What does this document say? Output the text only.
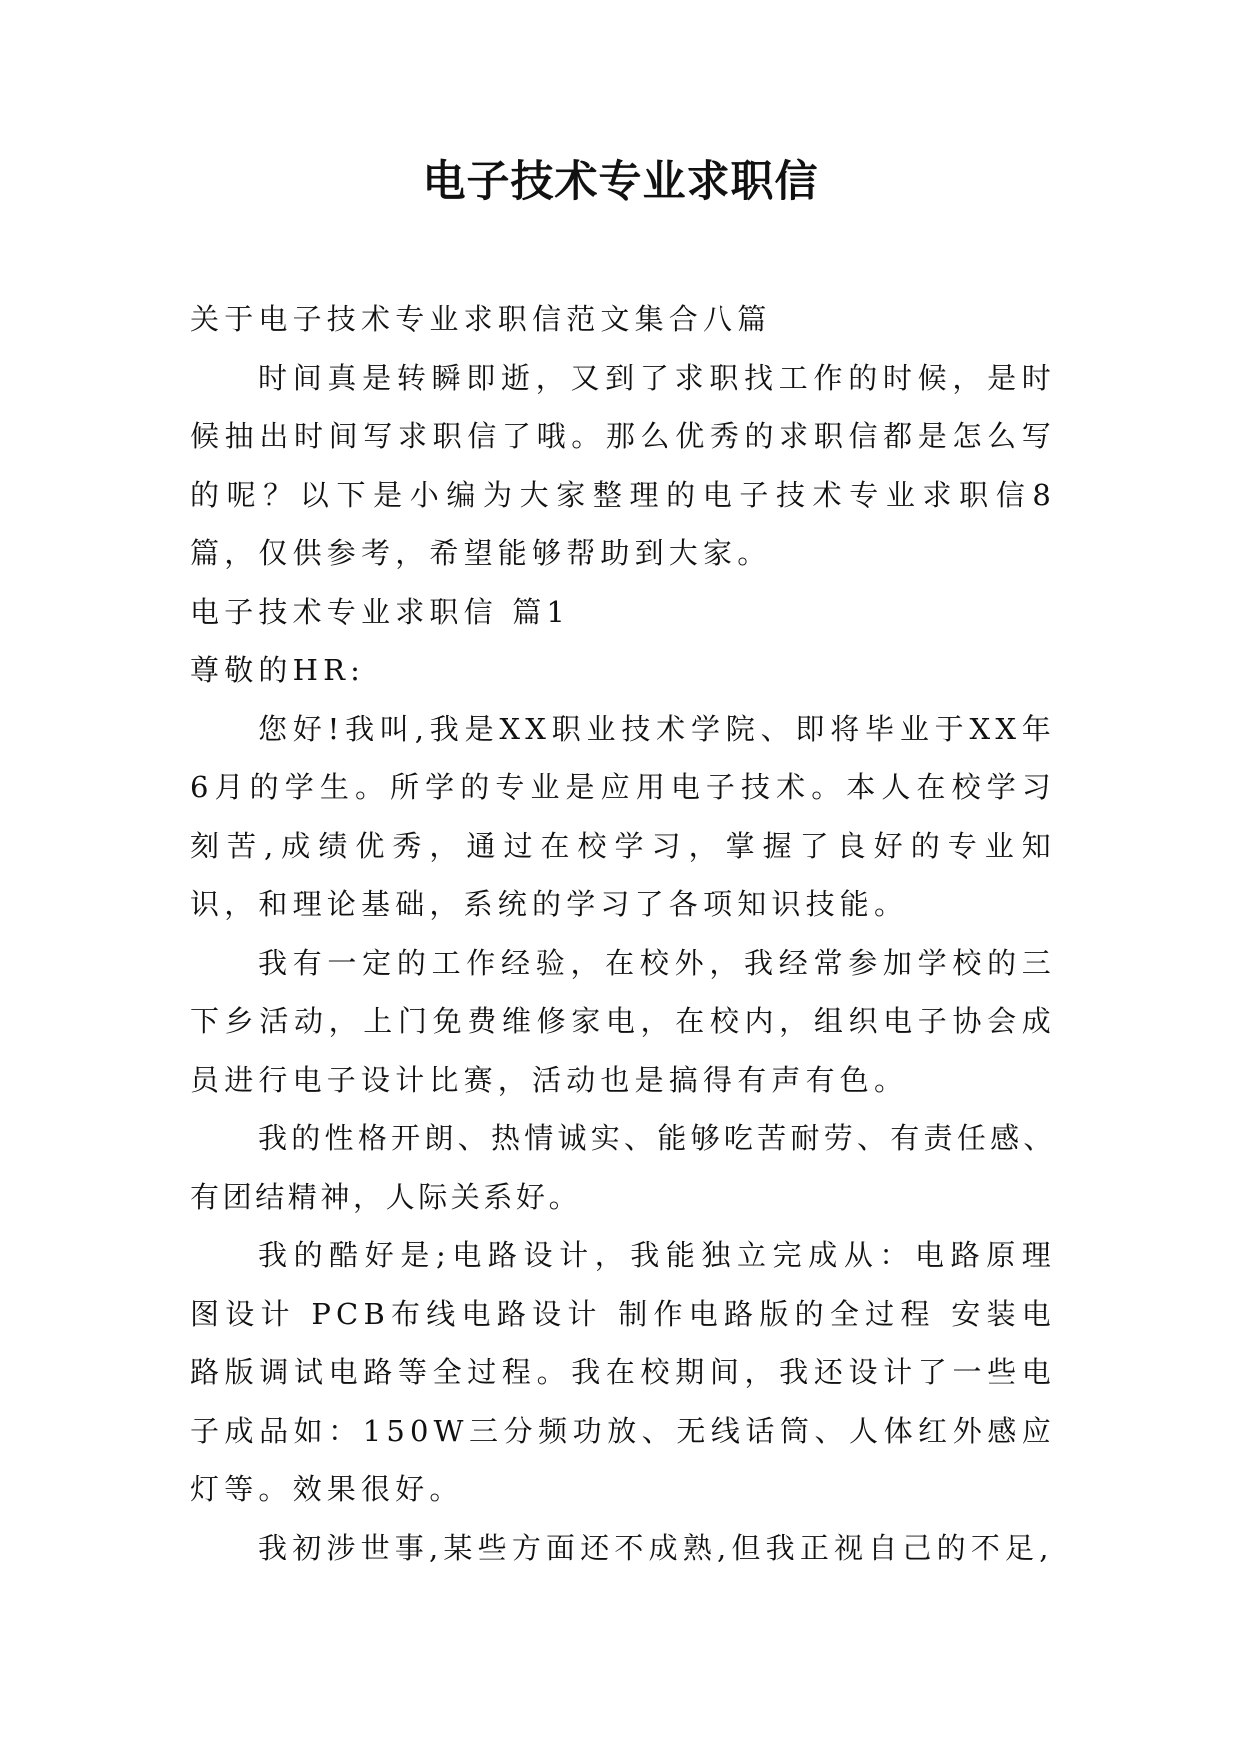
电子技术专业求职信

关于电子技术专业求职信范文集合八篇

时间真是转瞬即逝，又到了求职找工作的时候，是时候抽出时间写求职信了哦。那么优秀的求职信都是怎么写的呢？以下是小编为大家整理的电子技术专业求职信8篇，仅供参考，希望能够帮助到大家。

电子技术专业求职信 篇1

尊敬的HR:

您好!我叫,我是XX职业技术学院、即将毕业于XX年6月的学生。所学的专业是应用电子技术。本人在校学习刻苦,成绩优秀，通过在校学习，掌握了良好的专业知识，和理论基础，系统的学习了各项知识技能。

我有一定的工作经验，在校外，我经常参加学校的三下乡活动，上门免费维修家电，在校内，组织电子协会成员进行电子设计比赛，活动也是搞得有声有色。

我的性格开朗、热情诚实、能够吃苦耐劳、有责任感、有团结精神，人际关系好。

我的酷好是;电路设计，我能独立完成从：电路原理图设计 PCB布线电路设计 制作电路版的全过程 安装电路版调试电路等全过程。我在校期间，我还设计了一些电子成品如：150W三分频功放、无线话筒、人体红外感应灯等。效果很好。

我初涉世事,某些方面还不成熟,但我正视自己的不足,
